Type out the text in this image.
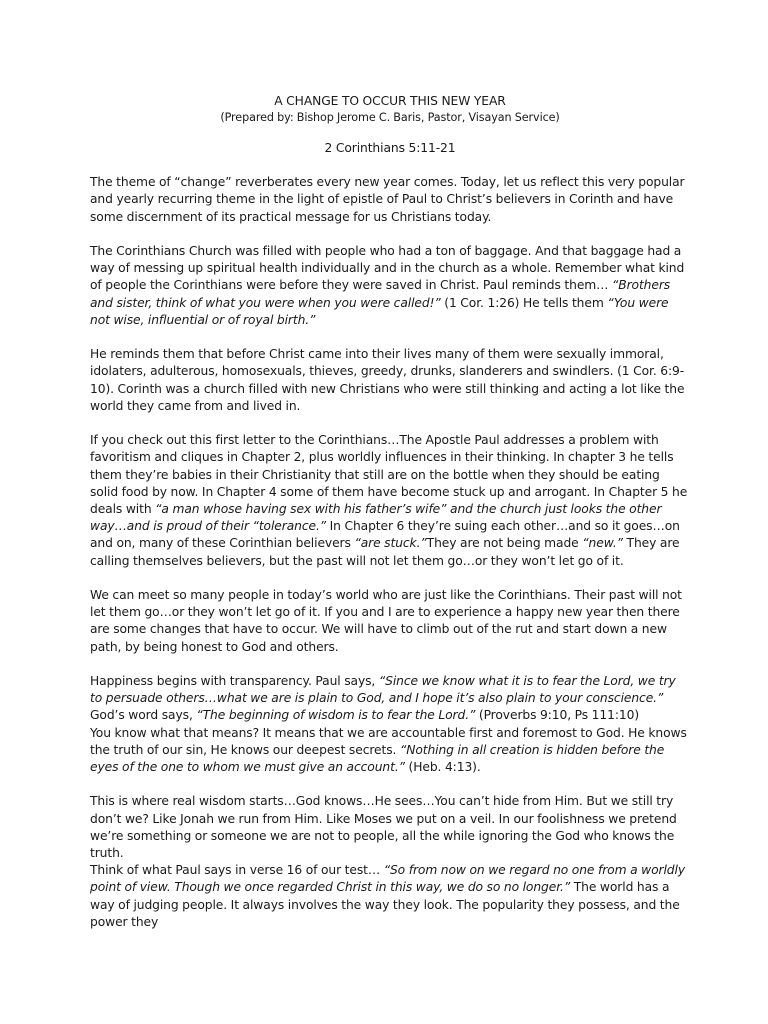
A CHANGE TO OCCUR THIS NEW YEAR
(Prepared by: Bishop Jerome C. Baris, Pastor, Visayan Service)
2 Corinthians 5:11-21

The theme of “change” reverberates every new year comes. Today, let us reflect this very popular and yearly recurring theme in the light of epistle of Paul to Christ’s believers in Corinth and have some discernment of its practical message for us Christians today.

The Corinthians Church was filled with people who had a ton of baggage. And that baggage had a way of messing up spiritual health individually and in the church as a whole. Remember what kind of people the Corinthians were before they were saved in Christ. Paul reminds them… “Brothers and sister, think of what you were when you were called!” (1 Cor. 1:26) He tells them “You were not wise, influential or of royal birth.”

He reminds them that before Christ came into their lives many of them were sexually immoral, idolaters, adulterous, homosexuals, thieves, greedy, drunks, slanderers and swindlers. (1 Cor. 6:9-10). Corinth was a church filled with new Christians who were still thinking and acting a lot like the world they came from and lived in.

If you check out this first letter to the Corinthians…The Apostle Paul addresses a problem with favoritism and cliques in Chapter 2, plus worldly influences in their thinking. In chapter 3 he tells them they’re babies in their Christianity that still are on the bottle when they should be eating solid food by now. In Chapter 4 some of them have become stuck up and arrogant. In Chapter 5 he deals with “a man whose having sex with his father’s wife” and the church just looks the other way…and is proud of their “tolerance.” In Chapter 6 they’re suing each other…and so it goes…on and on, many of these Corinthian believers “are stuck.”They are not being made “new.” They are calling themselves believers, but the past will not let them go…or they won’t let go of it.

We can meet so many people in today’s world who are just like the Corinthians. Their past will not let them go…or they won’t let go of it. If you and I are to experience a happy new year then there are some changes that have to occur. We will have to climb out of the rut and start down a new path, by being honest to God and others.

Happiness begins with transparency. Paul says, “Since we know what it is to fear the Lord, we try to persuade others…what we are is plain to God, and I hope it’s also plain to your conscience.”

God’s word says, “The beginning of wisdom is to fear the Lord.” (Proverbs 9:10, Ps 111:10)

You know what that means? It means that we are accountable first and foremost to God. He knows the truth of our sin, He knows our deepest secrets. “Nothing in all creation is hidden before the eyes of the one to whom we must give an account.” (Heb. 4:13).

This is where real wisdom starts…God knows…He sees…You can’t hide from Him. But we still try don’t we? Like Jonah we run from Him. Like Moses we put on a veil. In our foolishness we pretend we’re something or someone we are not to people, all the while ignoring the God who knows the truth.

Think of what Paul says in verse 16 of our test… “So from now on we regard no one from a worldly point of view. Though we once regarded Christ in this way, we do so no longer.” The world has a way of judging people. It always involves the way they look. The popularity they possess, and the power they
